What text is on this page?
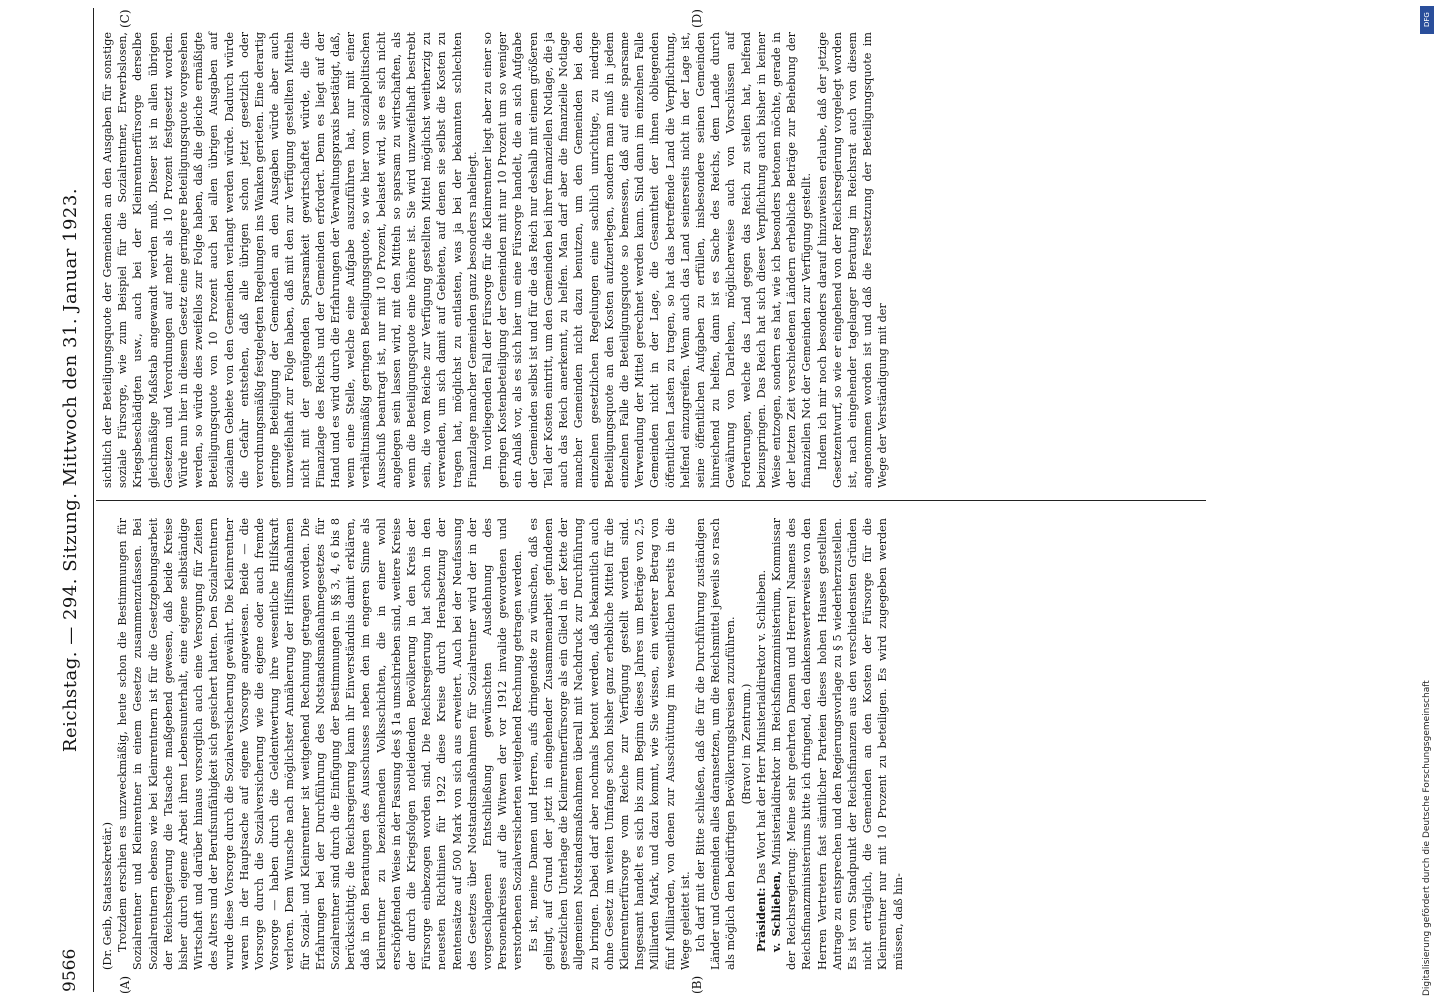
9566
Reichstag. — 294. Sitzung. Mittwoch den 31. Januar 1923.
(A)	(B)
(C)	(D)

(Dr. Geib, Staatssekretär.) Trotzdem erschien es unzweckmäßig, heute schon die Bestimmungen für Sozialrentner und Kleinrentner in einem Gesetze zusammenzufassen. Bei Sozialrentnern ebenso wie bei Kleinrentnern ist für die Gesetzgebungsarbeit der Reichsregierung die Tatsache maßgebend gewesen, daß beide Kreise bisher durch eigene Arbeit ihren Lebensunterhalt, eine eigene selbständige Wirtschaft und darüber hinaus vorsorglich auch eine Versorgung für Zeiten des Alters und der Berufsunfähigkeit sich gesichert hatten. Den Sozialrentnern wurde diese Vorsorge durch die Sozialversicherung gewährt. Die Kleinrentner waren in der Hauptsache auf eigene Vorsorge angewiesen. Beide — die Vorsorge durch die Sozialversicherung wie die eigene oder auch fremde Vorsorge — haben durch die Geldentwertung ihre wesentliche Hilfskraft verloren. Dem Wunsche nach möglichster Annäherung der Hilfsmaßnahmen für Sozial- und Kleinrentner ist weitgehend Rechnung getragen worden. Die Erfahrungen bei der Durchführung des Notstandsmaßnahmegesetzes für Sozialrentner sind durch die Einfügung der Bestimmungen in §§ 3, 4, 6 bis 8 berücksichtigt; die Reichsregierung kann ihr Einverständnis damit erklären, daß in den Beratungen des Ausschusses neben den im engeren Sinne als Kleinrentner zu bezeichnenden Volksschichten, die in einer wohl erschöpfenden Weise in der Fassung des § 1a umschrieben sind, weitere Kreise der durch die Kriegsfolgen notleidenden Bevölkerung in den Kreis der Fürsorge einbezogen worden sind. Die Reichsregierung hat schon in den neuesten Richtlinien für 1922 diese Kreise durch Herabsetzung der Rentensätze auf 500 Mark von sich aus erweitert. Auch bei der Neufassung des Gesetzes über Notstandsmaßnahmen für Sozialrentner wird der in der vorgeschlagenen Entschließung gewünschten Ausdehnung des Personenkreises auf die Witwen der vor 1912 invalide gewordenen und verstorbenen Sozialversicherten weitgehend Rechnung getragen werden. Es ist, meine Damen und Herren, aufs dringendste zu wünschen, daß es gelingt, auf Grund der jetzt in eingehender Zusammenarbeit gefundenen gesetzlichen Unterlage die Kleinrentnerfürsorge als ein Glied in der Kette der allgemeinen Notstandsmaßnahmen überall mit Nachdruck zur Durchführung zu bringen. Dabei darf aber nochmals betont werden, daß bekanntlich auch ohne Gesetz im weiten Umfange schon bisher ganz erhebliche Mittel für die Kleinrentnerfürsorge vom Reiche zur Verfügung gestellt worden sind. Insgesamt handelt es sich bis zum Beginn dieses Jahres um Beträge von 2,5 Milliarden Mark, und dazu kommt, wie Sie wissen, ein weiterer Betrag von fünf Milliarden, von denen zur Ausschüttung im wesentlichen bereits in die Wege geleitet ist. Ich darf mit der Bitte schließen, daß die für die Durchführung zuständigen Länder und Gemeinden alles daransetzen, um die Reichsmittel jeweils so rasch als möglich den bedürftigen Bevölkerungskreisen zuzuführen. (Bravo! im Zentrum.)

Präsident: Das Wort hat der Herr Ministerialdirektor v. Schlieben.

v. Schlieben, Ministerialdirektor im Reichsfinanzministerium, Kommissar der Reichsregierung: Meine sehr geehrten Damen und Herren! Namens des Reichsfinanzministeriums bitte ich dringend, den dankenswerterweise von den Herren Vertretern fast sämtlicher Parteien dieses hohen Hauses gestellten Antrage zu entsprechen und den Regierungsvorlage zu § 5 wiederherzustellen. Es ist vom Standpunkt der Reichsfinanzen aus den verschiedensten Gründen nicht erträglich, die Gemeinden an den Kosten der Fürsorge für die Kleinrentner nur mit 10 Prozent zu beteiligen. Es wird zugegeben werden müssen, daß hin-

sichtlich der Beteiligungsquote der Gemeinden an den Ausgaben für sonstige soziale Fürsorge, wie zum Beispiel für die Sozialrentner, Erwerbslosen, Kriegsbeschädigten usw., auch bei der Kleinrentnerfürsorge derselbe gleichmäßige Maßstab angewandt werden muß. Dieser ist in allen übrigen Gesetzen und Verordnungen auf mehr als 10 Prozent festgesetzt worden. Würde nun hier in diesem Gesetz eine geringere Beteiligungsquote vorgesehen werden, so würde dies zweifellos zur Folge haben, daß die gleiche ermäßigte Beteiligungsquote von 10 Prozent auch bei allen übrigen Ausgaben auf sozialem Gebiete von den Gemeinden verlangt werden würde. Dadurch würde die Gefahr entstehen, daß alle übrigen schon jetzt gesetzlich oder verordnungsmäßig festgelegten Regelungen ins Wanken gerieten. Eine derartig geringe Beteiligung der Gemeinden an den Ausgaben würde aber auch unzweifelhaft zur Folge haben, daß mit den zur Verfügung gestellten Mitteln nicht mit der genügenden Sparsamkeit gewirtschaftet würde, die die Finanzlage des Reichs und der Gemeinden erfordert. Denn es liegt auf der Hand und es wird durch die Erfahrungen der Verwaltungspraxis bestätigt, daß, wenn eine Stelle, welche eine Aufgabe auszuführen hat, nur mit einer verhältnismäßig geringen Beteiligungsquote, so wie hier vom sozialpolitischen Ausschuß beantragt ist, nur mit 10 Prozent, belastet wird, sie es sich nicht angelegen sein lassen wird, mit den Mitteln so sparsam zu wirtschaften, als wenn die Beteiligungsquote eine höhere ist. Sie wird unzweifelhaft bestrebt sein, die vom Reiche zur Verfügung gestellten Mittel möglichst weitherzig zu verwenden, um sich damit auf Gebieten, auf denen sie selbst die Kosten zu tragen hat, möglichst zu entlasten, was ja bei der bekannten schlechten Finanzlage mancher Gemeinden ganz besonders naheliegt. Im vorliegenden Fall der Fürsorge für die Kleinrentner liegt aber zu einer so geringen Kostenbeteiligung der Gemeinden mit nur 10 Prozent um so weniger ein Anlaß vor, als es sich hier um eine Fürsorge handelt, die an sich Aufgabe der Gemeinden selbst ist und für die das Reich nur deshalb mit einem größeren Teil der Kosten eintritt, um den Gemeinden bei ihrer finanziellen Notlage, die ja auch das Reich anerkennt, zu helfen. Man darf aber die finanzielle Notlage mancher Gemeinden nicht dazu benutzen, um den Gemeinden bei den einzelnen gesetzlichen Regelungen eine sachlich unrichtige, zu niedrige Beteiligungsquote an den Kosten aufzuerlegen, sondern man muß in jedem einzelnen Falle die Beteiligungsquote so bemessen, daß auf eine sparsame Verwendung der Mittel gerechnet werden kann. Sind dann im einzelnen Falle Gemeinden nicht in der Lage, die Gesamtheit der ihnen obliegenden öffentlichen Lasten zu tragen, so hat das betreffende Land die Verpflichtung, helfend einzugreifen. Wenn auch das Land seinerseits nicht in der Lage ist, seine öffentlichen Aufgaben zu erfüllen, insbesondere seinen Gemeinden hinreichend zu helfen, dann ist es Sache des Reichs, dem Lande durch Gewährung von Darlehen, möglicherweise auch von Vorschüssen auf Forderungen, welche das Land gegen das Reich zu stellen hat, helfend beizuspringen. Das Reich hat sich dieser Verpflichtung auch bisher in keiner Weise entzogen, sondern es hat, wie ich besonders betonen möchte, gerade in der letzten Zeit verschiedenen Ländern erhebliche Beträge zur Behebung der finanziellen Not der Gemeinden zur Verfügung gestellt. Indem ich mir noch besonders darauf hinzuweisen erlaube, daß der jetzige Gesetzentwurf, so wie er eingehend von der Reichsregierung vorgelegt worden ist, nach eingehender tagelanger Beratung im Reichsrat auch von diesem angenommen worden ist und daß die Festsetzung der Beteiligungsquote im Wege der Verständigung mit der

Digitalisierung gefördert durch die Deutsche Forschungsgemeinschaft
DFG
